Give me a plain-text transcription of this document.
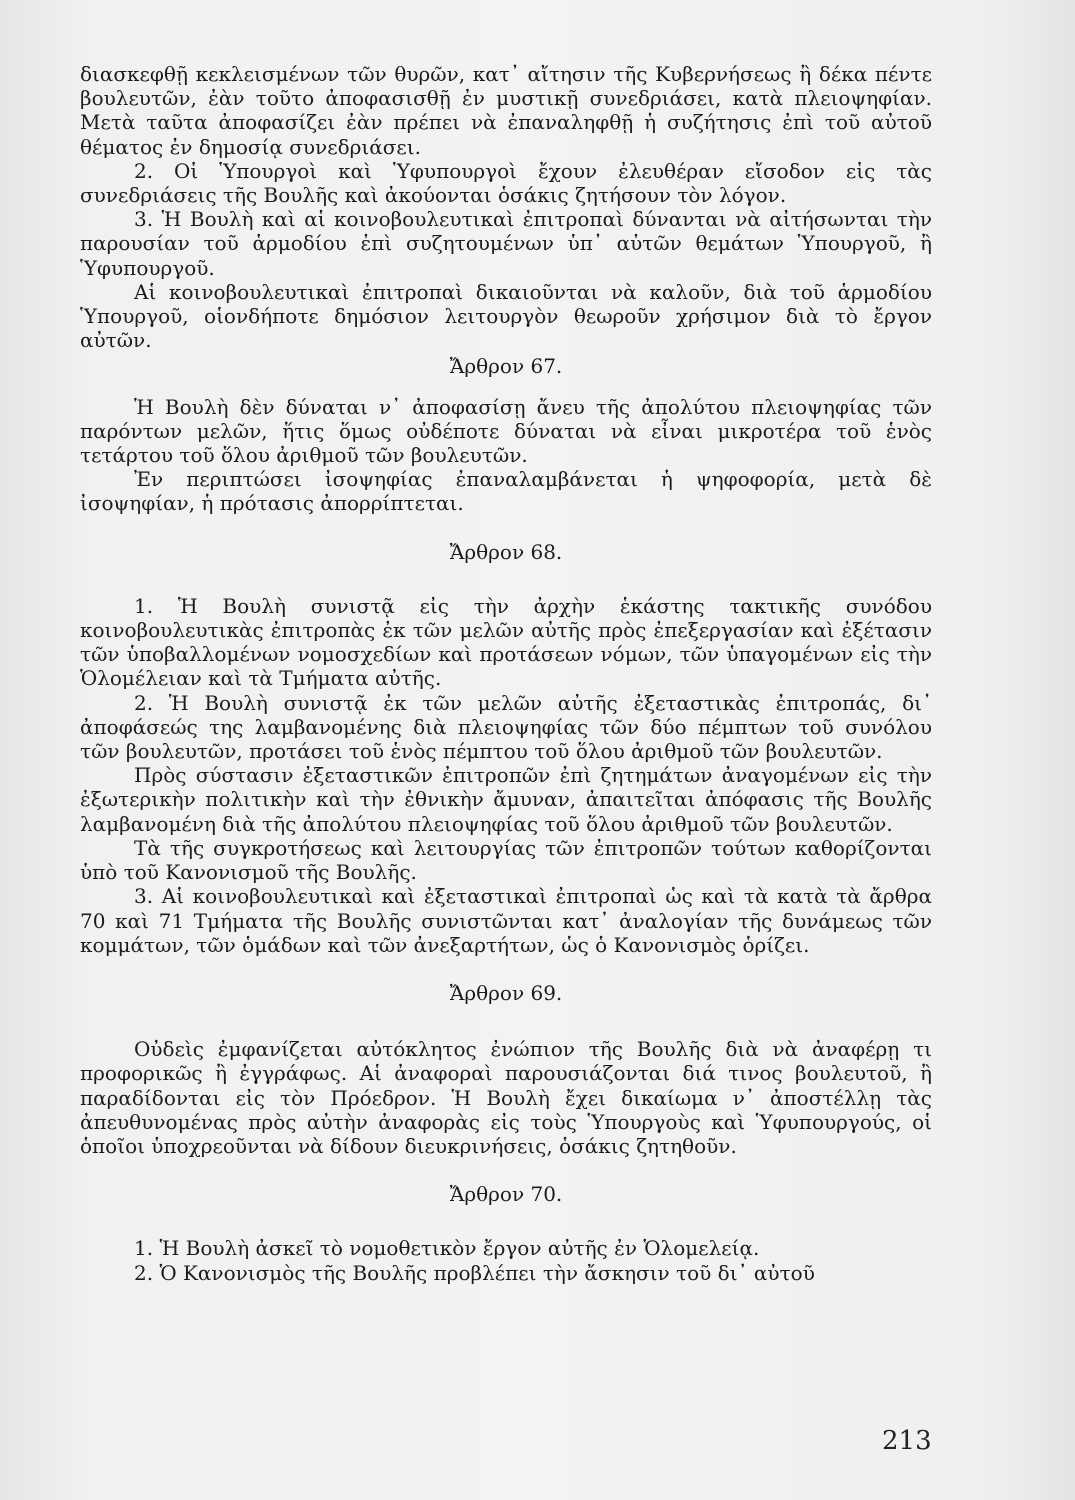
διασκεφθῇ κεκλεισμένων τῶν θυρῶν, κατ᾽ αἴτησιν τῆς Κυβερνήσεως ἢ δέκα πέντε βουλευτῶν, ἐὰν τοῦτο ἀποφασισθῇ ἐν μυστικῇ συνεδριάσει, κατὰ πλειοψηφίαν. Μετὰ ταῦτα ἀποφασίζει ἐὰν πρέπει νὰ ἐπαναληφθῇ ἡ συζήτησις ἐπὶ τοῦ αὐτοῦ θέματος ἐν δημοσίᾳ συνεδριάσει.

2. Οἱ Ὑπουργοὶ καὶ Ὑφυπουργοὶ ἔχουν ἐλευθέραν εἴσοδον εἰς τὰς συνεδριάσεις τῆς Βουλῆς καὶ ἀκούονται ὁσάκις ζητήσουν τὸν λόγον.

3. Ἡ Βουλὴ καὶ αἱ κοινοβουλευτικαὶ ἐπιτροπαὶ δύνανται νὰ αἰτήσωνται τὴν παρουσίαν τοῦ ἁρμοδίου ἐπὶ συζητουμένων ὑπ᾽ αὐτῶν θεμάτων Ὑπουργοῦ, ἢ Ὑφυπουργοῦ.

Αἱ κοινοβουλευτικαὶ ἐπιτροπαὶ δικαιοῦνται νὰ καλοῦν, διὰ τοῦ ἁρμοδίου Ὑπουργοῦ, οἱονδήποτε δημόσιον λειτουργὸν θεωροῦν χρήσιμον διὰ τὸ ἔργον αὐτῶν.

Ἄρθρον 67.

Ἡ Βουλὴ δὲν δύναται ν᾽ ἀποφασίσῃ ἄνευ τῆς ἀπολύτου πλειοψηφίας τῶν παρόντων μελῶν, ἥτις ὅμως οὐδέποτε δύναται νὰ εἶναι μικροτέρα τοῦ ἑνὸς τετάρτου τοῦ ὅλου ἀριθμοῦ τῶν βουλευτῶν.

Ἐν περιπτώσει ἰσοψηφίας ἐπαναλαμβάνεται ἡ ψηφοφορία, μετὰ δὲ ἰσοψηφίαν, ἡ πρότασις ἀπορρίπτεται.

Ἄρθρον 68.

1. Ἡ Βουλὴ συνιστᾷ εἰς τὴν ἀρχὴν ἑκάστης τακτικῆς συνόδου κοινοβουλευτικὰς ἐπιτροπὰς ἐκ τῶν μελῶν αὐτῆς πρὸς ἐπεξεργασίαν καὶ ἐξέτασιν τῶν ὑποβαλλομένων νομοσχεδίων καὶ προτάσεων νόμων, τῶν ὑπαγομένων εἰς τὴν Ὁλομέλειαν καὶ τὰ Τμήματα αὐτῆς.

2. Ἡ Βουλὴ συνιστᾷ ἐκ τῶν μελῶν αὐτῆς ἐξεταστικὰς ἐπιτροπάς, δι᾽ ἀποφάσεώς της λαμβανομένης διὰ πλειοψηφίας τῶν δύο πέμπτων τοῦ συνόλου τῶν βουλευτῶν, προτάσει τοῦ ἑνὸς πέμπτου τοῦ ὅλου ἀριθμοῦ τῶν βουλευτῶν.

Πρὸς σύστασιν ἐξεταστικῶν ἐπιτροπῶν ἐπὶ ζητημάτων ἀναγομένων εἰς τὴν ἐξωτερικὴν πολιτικὴν καὶ τὴν ἐθνικὴν ἄμυναν, ἀπαιτεῖται ἀπόφασις τῆς Βουλῆς λαμβανομένη διὰ τῆς ἀπολύτου πλειοψηφίας τοῦ ὅλου ἀριθμοῦ τῶν βουλευτῶν.

Τὰ τῆς συγκροτήσεως καὶ λειτουργίας τῶν ἐπιτροπῶν τούτων καθορίζονται ὑπὸ τοῦ Κανονισμοῦ τῆς Βουλῆς.

3. Αἱ κοινοβουλευτικαὶ καὶ ἐξεταστικαὶ ἐπιτροπαὶ ὡς καὶ τὰ κατὰ τὰ ἄρθρα 70 καὶ 71 Τμήματα τῆς Βουλῆς συνιστῶνται κατ᾽ ἀναλογίαν τῆς δυνάμεως τῶν κομμάτων, τῶν ὁμάδων καὶ τῶν ἀνεξαρτήτων, ὡς ὁ Κανονισμὸς ὁρίζει.

Ἄρθρον 69.

Οὐδεὶς ἐμφανίζεται αὐτόκλητος ἐνώπιον τῆς Βουλῆς διὰ νὰ ἀναφέρῃ τι προφορικῶς ἢ ἐγγράφως. Αἱ ἀναφοραὶ παρουσιάζονται διά τινος βουλευτοῦ, ἢ παραδίδονται εἰς τὸν Πρόεδρον. Ἡ Βουλὴ ἔχει δικαίωμα ν᾽ ἀποστέλλῃ τὰς ἀπευθυνομένας πρὸς αὐτὴν ἀναφορὰς εἰς τοὺς Ὑπουργοὺς καὶ Ὑφυπουργούς, οἱ ὁποῖοι ὑποχρεοῦνται νὰ δίδουν διευκρινήσεις, ὁσάκις ζητηθοῦν.

Ἄρθρον 70.

1. Ἡ Βουλὴ ἀσκεῖ τὸ νομοθετικὸν ἔργον αὐτῆς ἐν Ὁλομελείᾳ.

2. Ὁ Κανονισμὸς τῆς Βουλῆς προβλέπει τὴν ἄσκησιν τοῦ δι᾽ αὐτοῦ

213
